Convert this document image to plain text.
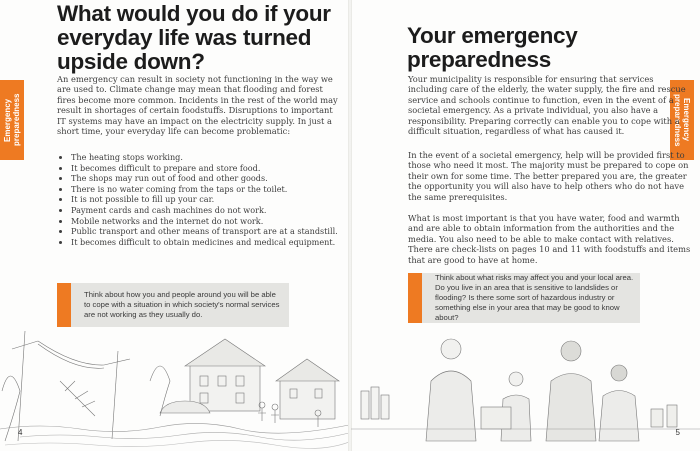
Emergency preparedness
What would you do if your everyday life was turned upside down?

An emergency can result in society not functioning in the way we are used to. Climate change may mean that flooding and forest fires become more common. Incidents in the rest of the world may result in shortages of certain foodstuffs. Disruptions to important IT systems may have an impact on the electricity supply. In just a short time, your everyday life can become problematic:

• The heating stops working.
• It becomes difficult to prepare and store food.
• The shops may run out of food and other goods.
• There is no water coming from the taps or the toilet.
• It is not possible to fill up your car.
• Payment cards and cash machines do not work.
• Mobile networks and the internet do not work.
• Public transport and other means of transport are at a standstill.
• It becomes difficult to obtain medicines and medical equipment.
Think about how you and people around you will be able to cope with a situation in which society's normal services are not working as they usually do.
4
Emergency preparedness
Your emergency preparedness

Your municipality is responsible for ensuring that services including care of the elderly, the water supply, the fire and rescue service and schools continue to function, even in the event of a societal emergency. As a private individual, you also have a responsibility. Preparing correctly can enable you to cope with a difficult situation, regardless of what has caused it.

In the event of a societal emergency, help will be provided first to those who need it most. The majority must be prepared to cope on their own for some time. The better prepared you are, the greater the opportunity you will also have to help others who do not have the same prerequisites.

What is most important is that you have water, food and warmth and are able to obtain information from the authorities and the media. You also need to be able to make contact with relatives. There are check-lists on pages 10 and 11 with foodstuffs and items that are good to have at home.

Think about what risks may affect you and your local area. Do you live in an area that is sensitive to landslides or flooding? Is there some sort of hazardous industry or something else in your area that may be good to know about?
5
